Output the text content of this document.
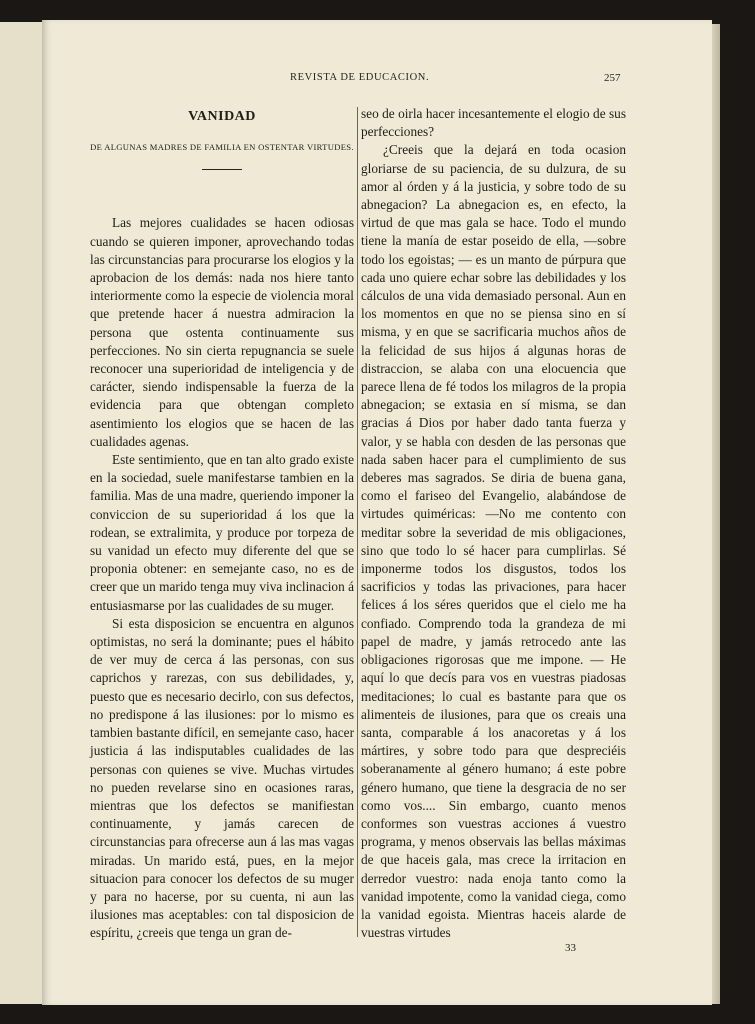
REVISTA DE EDUCACION.	257
VANIDAD
DE ALGUNAS MADRES DE FAMILIA EN OSTENTAR VIRTUDES.

Las mejores cualidades se hacen odiosas cuando se quieren imponer, aprovechando todas las circunstancias para procurarse los elogios y la aprobacion de los demás: nada nos hiere tanto interiormente como la especie de violencia moral que pretende hacer á nuestra admiracion la persona que ostenta continuamente sus perfecciones. No sin cierta repugnancia se suele reconocer una superioridad de inteligencia y de carácter, siendo indispensable la fuerza de la evidencia para que obtengan completo asentimiento los elogios que se hacen de las cualidades agenas.

Este sentimiento, que en tan alto grado existe en la sociedad, suele manifestarse tambien en la familia. Mas de una madre, queriendo imponer la conviccion de su superioridad á los que la rodean, se extralimita, y produce por torpeza de su vanidad un efecto muy diferente del que se proponia obtener: en semejante caso, no es de creer que un marido tenga muy viva inclinacion á entusiasmarse por las cualidades de su muger.

Si esta disposicion se encuentra en algunos optimistas, no será la dominante; pues el hábito de ver muy de cerca á las personas, con sus caprichos y rarezas, con sus debilidades, y, puesto que es necesario decirlo, con sus defectos, no predispone á las ilusiones: por lo mismo es tambien bastante difícil, en semejante caso, hacer justicia á las indisputables cualidades de las personas con quienes se vive. Muchas virtudes no pueden revelarse sino en ocasiones raras, mientras que los defectos se manifiestan continuamente, y jamás carecen de circunstancias para ofrecerse aun á las mas vagas miradas. Un marido está, pues, en la mejor situacion para conocer los defectos de su muger y para no hacerse, por su cuenta, ni aun las ilusiones mas aceptables: con tal disposicion de espíritu, ¿creeis que tenga un gran de-

seo de oirla hacer incesantemente el elogio de sus perfecciones?

¿Creeis que la dejará en toda ocasion gloriarse de su paciencia, de su dulzura, de su amor al órden y á la justicia, y sobre todo de su abnegacion? La abnegacion es, en efecto, la virtud de que mas gala se hace. Todo el mundo tiene la manía de estar poseido de ella, —sobre todo los egoistas; — es un manto de púrpura que cada uno quiere echar sobre las debilidades y los cálculos de una vida demasiado personal. Aun en los momentos en que no se piensa sino en sí misma, y en que se sacrificaria muchos años de la felicidad de sus hijos á algunas horas de distraccion, se alaba con una elocuencia que parece llena de fé todos los milagros de la propia abnegacion; se extasia en sí misma, se dan gracias á Dios por haber dado tanta fuerza y valor, y se habla con desden de las personas que nada saben hacer para el cumplimiento de sus deberes mas sagrados. Se diria de buena gana, como el fariseo del Evangelio, alabándose de virtudes quiméricas: —No me contento con meditar sobre la severidad de mis obligaciones, sino que todo lo sé hacer para cumplirlas. Sé imponerme todos los disgustos, todos los sacrificios y todas las privaciones, para hacer felices á los séres queridos que el cielo me ha confiado. Comprendo toda la grandeza de mi papel de madre, y jamás retrocedo ante las obligaciones rigorosas que me impone. — He aquí lo que decís para vos en vuestras piadosas meditaciones; lo cual es bastante para que os alimenteis de ilusiones, para que os creais una santa, comparable á los anacoretas y á los mártires, y sobre todo para que despreciéis soberanamente al género humano; á este pobre género humano, que tiene la desgracia de no ser como vos.... Sin embargo, cuanto menos conformes son vuestras acciones á vuestro programa, y menos observais las bellas máximas de que haceis gala, mas crece la irritacion en derredor vuestro: nada enoja tanto como la vanidad impotente, como la vanidad ciega, como la vanidad egoista. Mientras haceis alarde de vuestras virtudes

33
